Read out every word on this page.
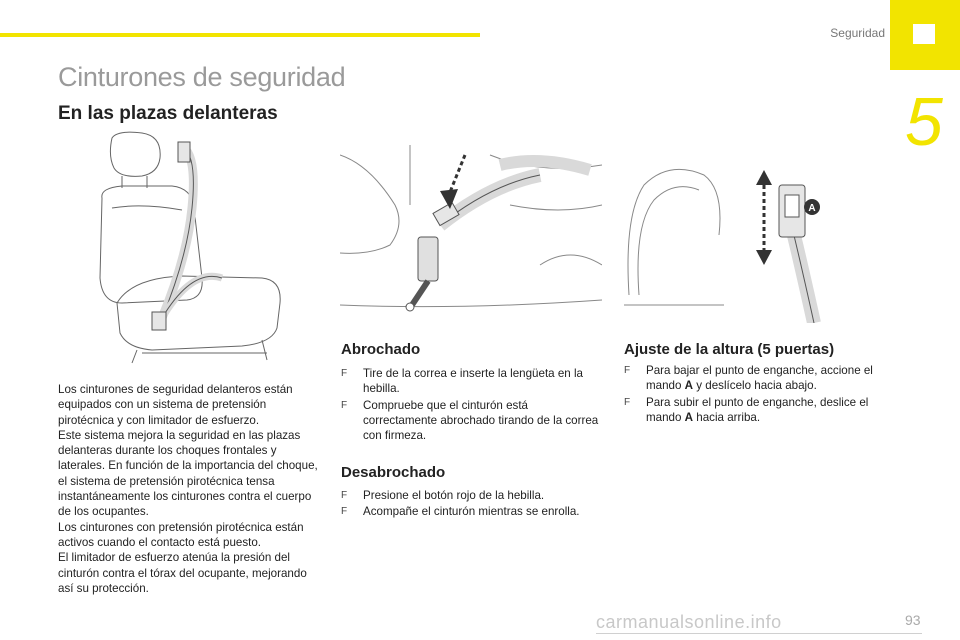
Seguridad
5
Cinturones de seguridad
En las plazas delanteras
A

Los cinturones de seguridad delanteros están equipados con un sistema de pretensión pirotécnica y con limitador de esfuerzo.

Este sistema mejora la seguridad en las plazas delanteras durante los choques frontales y laterales. En función de la importancia del choque, el sistema de pretensión pirotécnica tensa instantáneamente los cinturones contra el cuerpo de los ocupantes.

Los cinturones con pretensión pirotécnica están activos cuando el contacto está puesto.

El limitador de esfuerzo atenúa la presión del cinturón contra el tórax del ocupante, mejorando así su protección.

Abrochado
F Tire de la correa e inserte la lengüeta en la hebilla.
F Compruebe que el cinturón está correctamente abrochado tirando de la correa con firmeza.
Desabrochado
F Presione el botón rojo de la hebilla.
F Acompañe el cinturón mientras se enrolla.
Ajuste de la altura (5 puertas)
F Para bajar el punto de enganche, accione el mando A y deslícelo hacia abajo.
F Para subir el punto de enganche, deslice el mando A hacia arriba.
carmanualsonline.info	93
